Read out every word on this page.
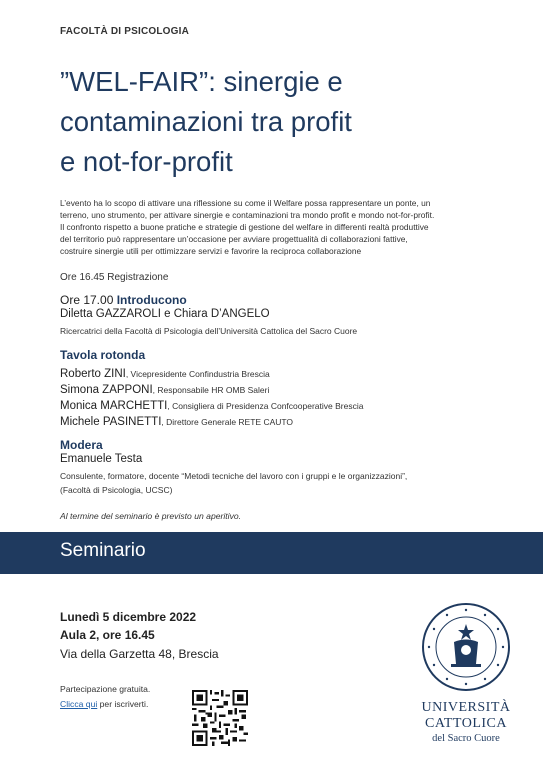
FACOLTÀ DI PSICOLOGIA
”WEL-FAIR”: sinergie e
contaminazioni tra profit
e not-for-profit
L’evento ha lo scopo di attivare una riflessione su come il Welfare possa rappresentare un ponte, un
terreno, uno strumento, per attivare sinergie e contaminazioni tra mondo profit e mondo not-for-profit.
Il confronto rispetto a buone pratiche e strategie di gestione del welfare in differenti realtà produttive
del territorio può rappresentare un’occasione per avviare progettualità di collaborazioni fattive,
costruire sinergie utili per ottimizzare servizi e favorire la reciproca collaborazione
Ore 16.45 Registrazione
Ore 17.00 Introducono
Diletta GAZZAROLI e Chiara D’ANGELO
Ricercatrici della Facoltà di Psicologia dell’Università Cattolica del Sacro Cuore
Tavola rotonda
Roberto ZINI, Vicepresidente Confindustria Brescia
Simona ZAPPONI, Responsabile HR OMB Saleri
Monica MARCHETTI, Consigliera di Presidenza Confcooperative Brescia
Michele PASINETTI, Direttore Generale RETE CAUTO
Modera
Emanuele Testa
Consulente, formatore, docente “Metodi tecniche del lavoro con i gruppi e le organizzazioni”,
(Facoltà di Psicologia, UCSC)
Al termine del seminario è previsto un aperitivo.
Seminario
Lunedì 5 dicembre 2022
Aula 2, ore 16.45
Via della Garzetta 48, Brescia
Partecipazione gratuita.
Clicca qui per iscriverti.	UNIVERSITÀ
CATTOLICA
del Sacro Cuore
